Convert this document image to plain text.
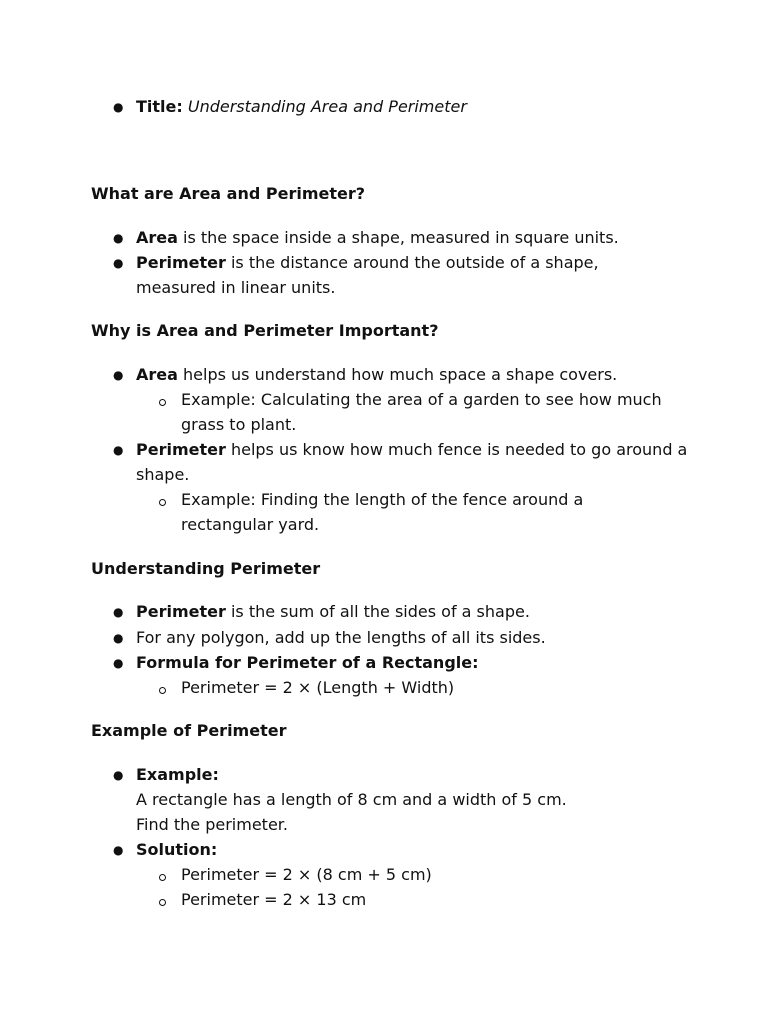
● Title: Understanding Area and Perimeter
What are Area and Perimeter?
● Area is the space inside a shape, measured in square units.
● Perimeter is the distance around the outside of a shape,
measured in linear units.
Why is Area and Perimeter Important?
● Area helps us understand how much space a shape covers.
Example: Calculating the area of a garden to see how much
grass to plant.
● Perimeter helps us know how much fence is needed to go around a
shape.
Example: Finding the length of the fence around a
rectangular yard.
Understanding Perimeter
● Perimeter is the sum of all the sides of a shape.
● For any polygon, add up the lengths of all its sides.
● Formula for Perimeter of a Rectangle:
Perimeter = 2 × (Length + Width)
Example of Perimeter
● Example:
A rectangle has a length of 8 cm and a width of 5 cm.
Find the perimeter.
● Solution:
Perimeter = 2 × (8 cm + 5 cm)
Perimeter = 2 × 13 cm
